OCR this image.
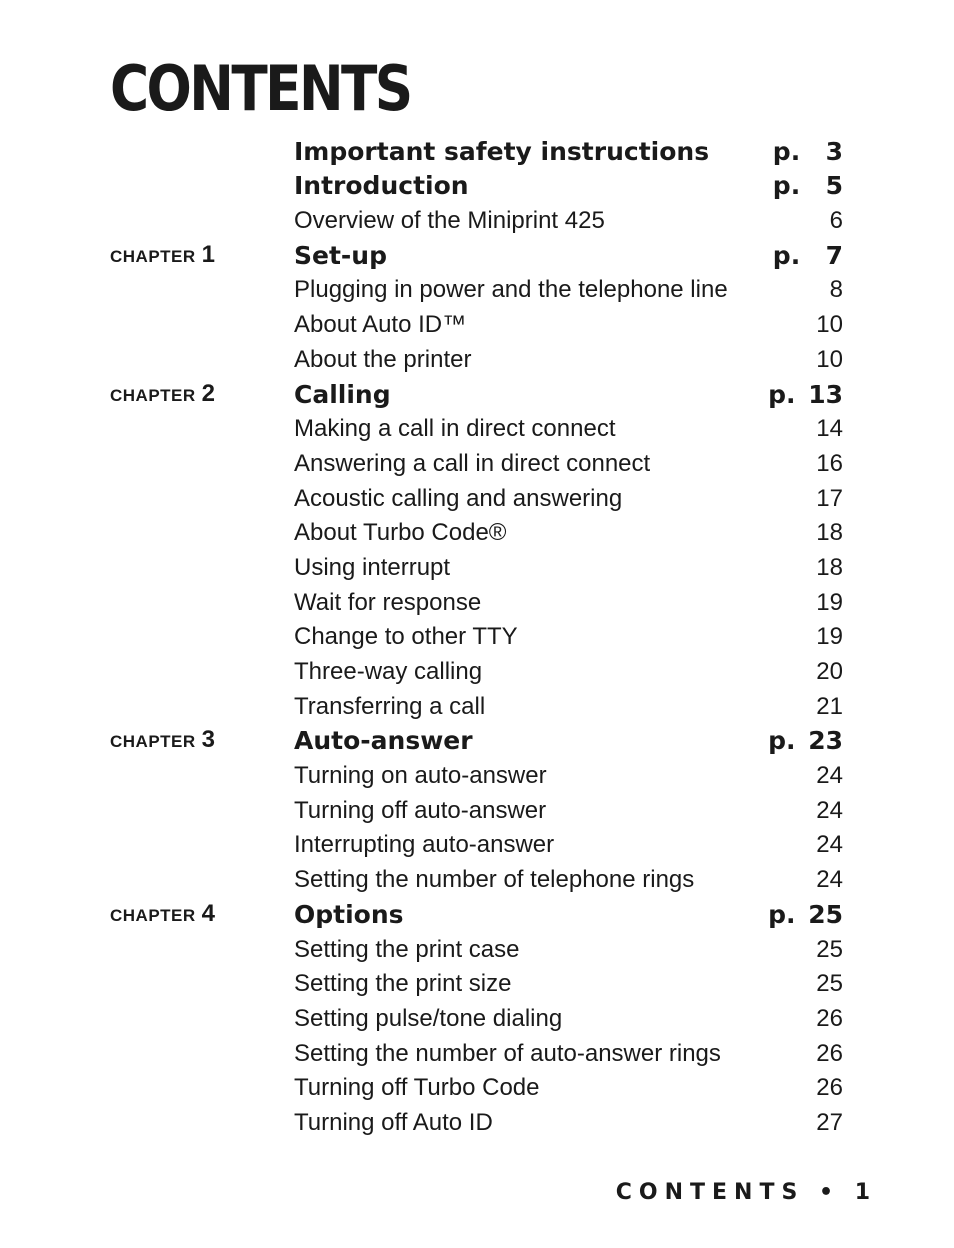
CONTENTS
Important safety instructions	p.  3
Introduction	p.  5
Overview of the Miniprint 425	6
CHAPTER 1	Set-up	p.  7
Plugging in power and the telephone line	8
About Auto ID™	10
About the printer	10
CHAPTER 2	Calling	p. 13
Making a call in direct connect	14
Answering a call in direct connect	16
Acoustic calling and answering	17
About Turbo Code®	18
Using interrupt	18
Wait for response	19
Change to other TTY	19
Three-way calling	20
Transferring a call	21
CHAPTER 3	Auto-answer	p. 23
Turning on auto-answer	24
Turning off auto-answer	24
Interrupting auto-answer	24
Setting the number of telephone rings	24
CHAPTER 4	Options	p. 25
Setting the print case	25
Setting the print size	25
Setting pulse/tone dialing	26
Setting the number of auto-answer rings	26
Turning off Turbo Code	26
Turning off Auto ID	27
CONTENTS • 1
